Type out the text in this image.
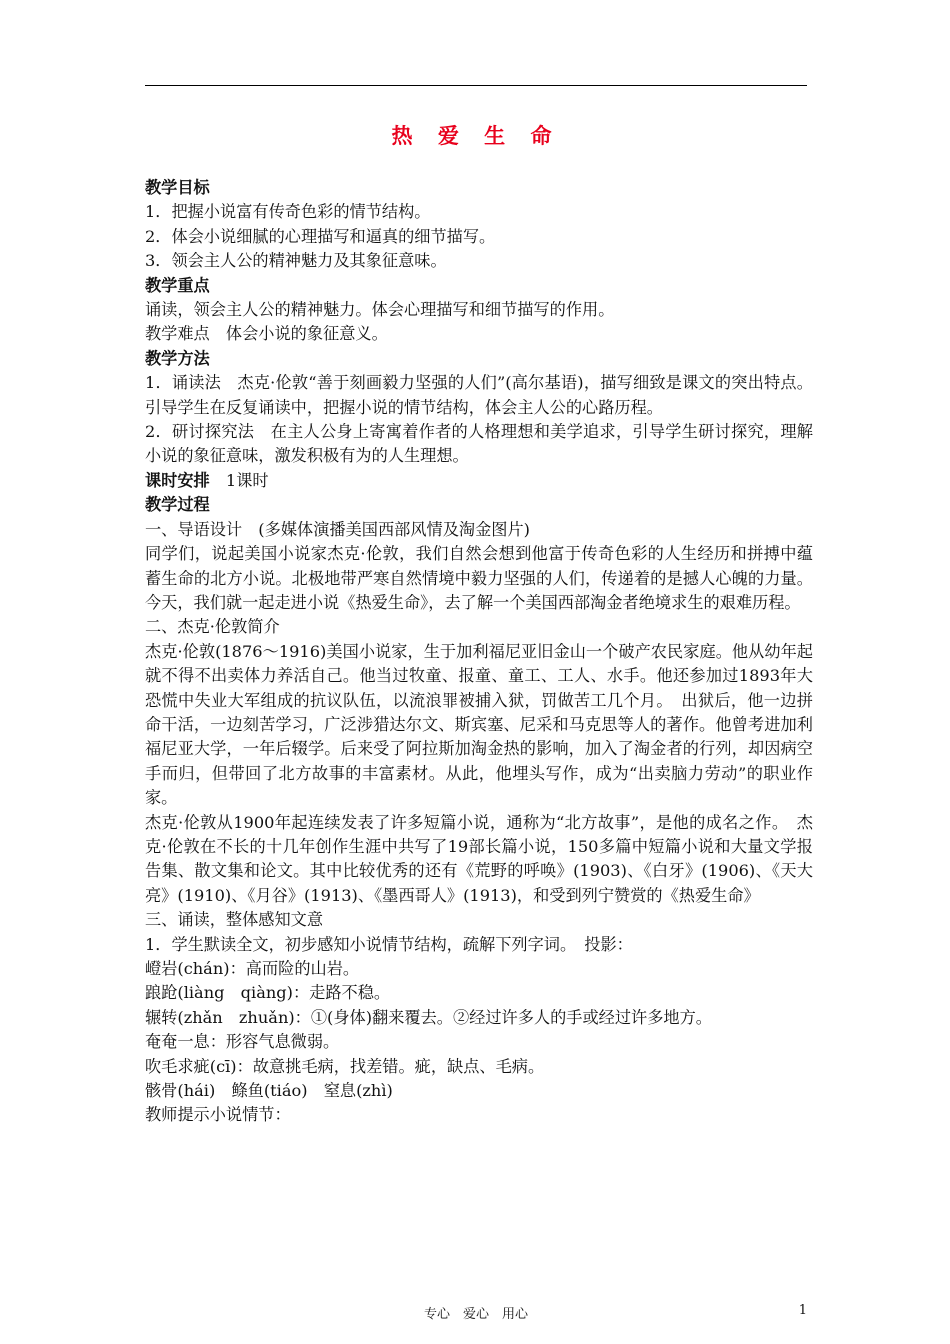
热 爱 生 命

教学目标

1．把握小说富有传奇色彩的情节结构。

2．体会小说细腻的心理描写和逼真的细节描写。

3．领会主人公的精神魅力及其象征意味。

教学重点

诵读，领会主人公的精神魅力。体会心理描写和细节描写的作用。

教学难点　体会小说的象征意义。

教学方法

1．诵读法　杰克·伦敦“善于刻画毅力坚强的人们”(高尔基语)，描写细致是课文的突出特点。引导学生在反复诵读中，把握小说的情节结构，体会主人公的心路历程。

2．研讨探究法　在主人公身上寄寓着作者的人格理想和美学追求，引导学生研讨探究，理解小说的象征意味，激发积极有为的人生理想。

课时安排　1课时

教学过程

一、导语设计　(多媒体演播美国西部风情及淘金图片)

同学们，说起美国小说家杰克·伦敦，我们自然会想到他富于传奇色彩的人生经历和拼搏中蕴蓄生命的北方小说。北极地带严寒自然情境中毅力坚强的人们，传递着的是撼人心魄的力量。今天，我们就一起走进小说《热爱生命》，去了解一个美国西部淘金者绝境求生的艰难历程。

二、杰克·伦敦简介

杰克·伦敦(1876～1916)美国小说家，生于加利福尼亚旧金山一个破产农民家庭。他从幼年起就不得不出卖体力养活自己。他当过牧童、报童、童工、工人、水手。他还参加过1893年大恐慌中失业大军组成的抗议队伍，以流浪罪被捕入狱，罚做苦工几个月。　出狱后，他一边拼命干活，一边刻苦学习，广泛涉猎达尔文、斯宾塞、尼采和马克思等人的著作。他曾考进加利福尼亚大学，一年后辍学。后来受了阿拉斯加淘金热的影响，加入了淘金者的行列，却因病空手而归，但带回了北方故事的丰富素材。从此，他埋头写作，成为“出卖脑力劳动”的职业作家。

杰克·伦敦从1900年起连续发表了许多短篇小说，通称为“北方故事”，是他的成名之作。　杰克·伦敦在不长的十几年创作生涯中共写了19部长篇小说，150多篇中短篇小说和大量文学报告集、散文集和论文。其中比较优秀的还有《荒野的呼唤》(1903)、《白牙》(1906)、《天大亮》(1910)、《月谷》(1913)、《墨西哥人》(1913)，和受到列宁赞赏的《热爱生命》

三、诵读，整体感知文意

1．学生默读全文，初步感知小说情节结构，疏解下列字词。　投影：

嶝岩(chán)：高而险的山岩。

踉跄(liàng　qiàng)：走路不稳。

辗转(zhǎn　zhuǎn)：①(身体)翻来覆去。②经过许多人的手或经过许多地方。

奄奄一息：形容气息微弱。

吹毛求疵(cī)：故意挑毛病，找差错。疵，缺点、毛病。

骸骨(hái)　鲦鱼(tiáo)　窒息(zhì)

教师提示小说情节：

专心　爱心　用心	1
